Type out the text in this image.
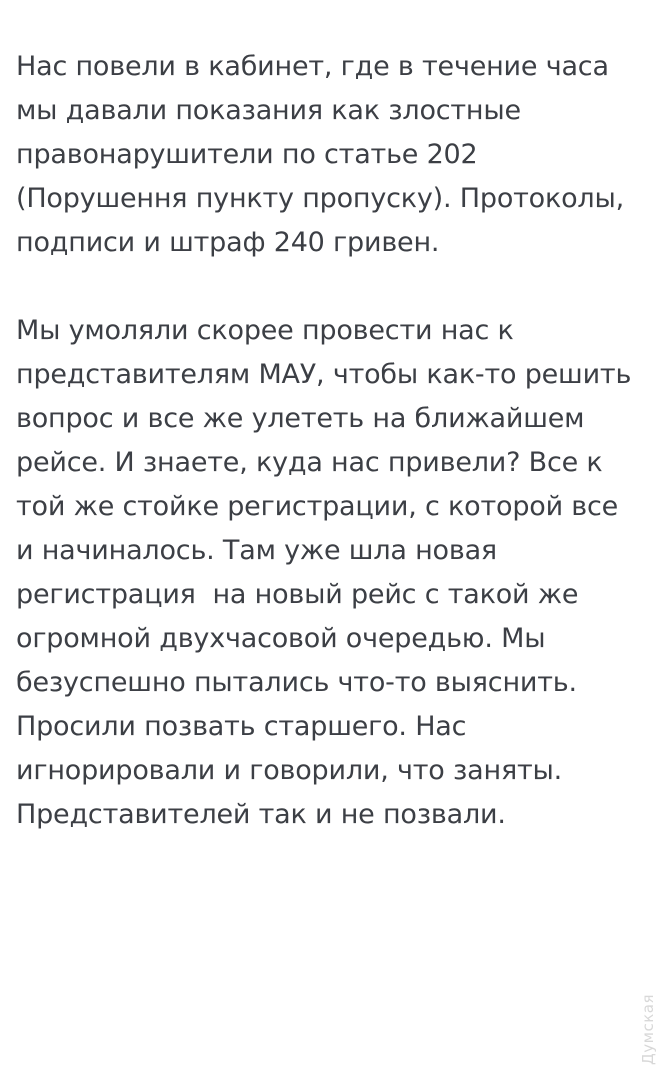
Нас повели в кабинет, где в течение часа мы давали показания как злостные правонарушители по статье 202 (Порушення пункту пропуску). Протоколы, подписи и штраф 240 гривен.

Мы умоляли скорее провести нас к представителям МАУ, чтобы как-то решить вопрос и все же улететь на ближайшем рейсе. И знаете, куда нас привели? Все к той же стойке регистрации, с которой все и начиналось. Там уже шла новая регистрация  на новый рейс с такой же огромной двухчасовой очередью. Мы безуспешно пытались что-то выяснить. Просили позвать старшего. Нас игнорировали и говорили, что заняты. Представителей так и не позвали.

Думская
